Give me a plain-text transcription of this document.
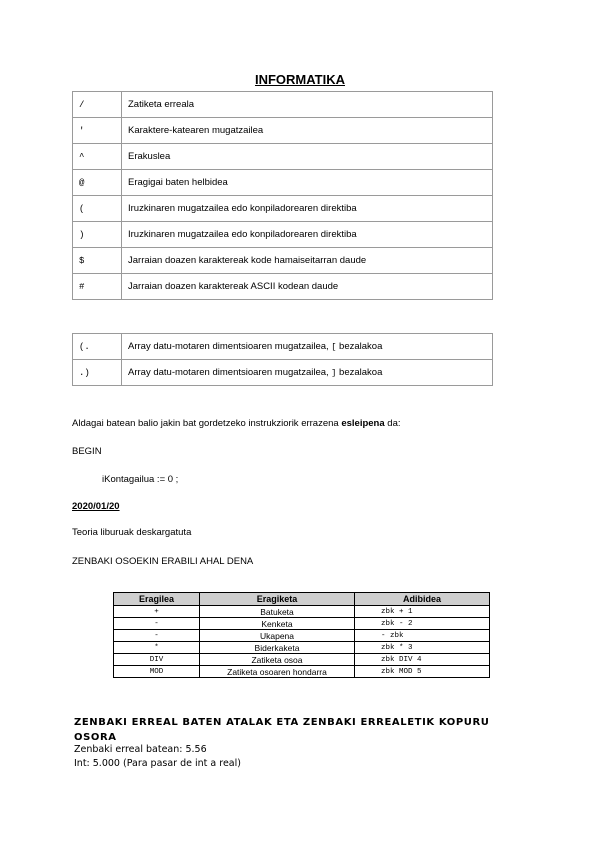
INFORMATIKA
/	Zatiketa erreala
'	Karaktere-katearen mugatzailea
^	Erakuslea
@	Eragigai baten helbidea
(	Iruzkinaren mugatzailea edo konpiladorearen direktiba
)	Iruzkinaren mugatzailea edo konpiladorearen direktiba
$	Jarraian doazen karaktereak kode hamaiseitarran daude
#	Jarraian doazen karaktereak ASCII kodean daude
(.	Array datu-motaren dimentsioaren mugatzailea, [ bezalakoa
.)	Array datu-motaren dimentsioaren mugatzailea, ] bezalakoa
Aldagai batean balio jakin bat gordetzeko instrukziorik errazena esleipena da:
BEGIN
iKontagailua := 0 ;
2020/01/20
Teoria liburuak deskargatuta
ZENBAKI OSOEKIN ERABILI AHAL DENA
Eragilea	Eragiketa	Adibidea
+	Batuketa	zbk + 1
-	Kenketa	zbk - 2
-	Ukapena	- zbk
*	Biderkaketa	zbk * 3
DIV	Zatiketa osoa	zbk DIV 4
MOD	Zatiketa osoaren hondarra	zbk MOD 5
ZENBAKI ERREAL BATEN ATALAK ETA ZENBAKI ERREALETIK KOPURU OSORA
Zenbaki erreal batean: 5.56
Int: 5.000 (Para pasar de int a real)
